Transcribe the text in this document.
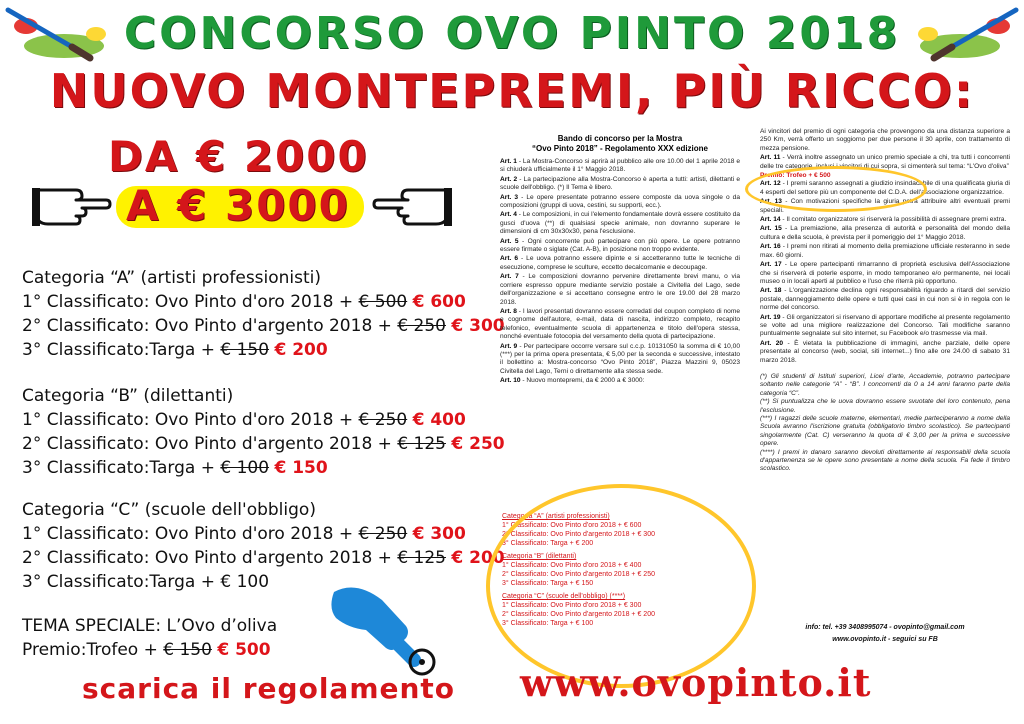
CONCORSO OVO PINTO 2018
NUOVO MONTEPREMI, PIÙ RICCO:
DA € 2000
A € 3000
Categoria “A” (artisti professionisti)
1° Classificato: Ovo Pinto d'oro 2018 + € 500 € 600
2° Classificato: Ovo Pinto d'argento 2018 + € 250 € 300
3° Classificato:Targa + € 150 € 200
Categoria “B” (dilettanti)
1° Classificato: Ovo Pinto d'oro 2018 + € 250 € 400
2° Classificato: Ovo Pinto d'argento 2018 + € 125 € 250
3° Classificato:Targa + € 100 € 150
Categoria “C” (scuole dell'obbligo)
1° Classificato: Ovo Pinto d'oro 2018 + € 250 € 300
2° Classificato: Ovo Pinto d'argento 2018 + € 125 € 200
3° Classificato:Targa + € 100
TEMA SPECIALE: L’Ovo d’oliva
Premio:Trofeo + € 150 € 500
Bando di concorso per la Mostra
“Ovo Pinto 2018” - Regolamento XXX edizione
Art. 1 - La Mostra-Concorso si aprirà al pubblico alle ore 10.00 del 1 aprile 2018 e si chiuderà ufficialmente il 1° Maggio 2018.
Art. 2 - La partecipazione alla Mostra-Concorso è aperta a tutti: artisti, dilettanti e scuole dell'obbligo. (*) Il Tema è libero.
Art. 3 - Le opere presentate potranno essere composte da uova singole o da composizioni (gruppi di uova, cestini, su supporti, ecc.).
Art. 4 - Le composizioni, in cui l'elemento fondamentale dovrà essere costituito da gusci d'uova (**) di qualsiasi specie animale, non dovranno superare le dimensioni di cm 30x30x30, pena l'esclusione.
Art. 5 - Ogni concorrente può partecipare con più opere. Le opere potranno essere firmate o siglate (Cat. A-B), in posizione non troppo evidente.
Art. 6 - Le uova potranno essere dipinte e si accetteranno tutte le tecniche di esecuzione, comprese le sculture, eccetto decalcomanie e decoupage.
Art. 7 - Le composizioni dovranno pervenire direttamente brevi manu, o via corriere espresso oppure mediante servizio postale a Civitella del Lago, sede dell'organizzazione e si accettano consegne entro le ore 19.00 del 28 marzo 2018.
Art. 8 - I lavori presentati dovranno essere corredati del coupon completo di nome e cognome dell'autore, e-mail, data di nascita, indirizzo completo, recapito telefonico, eventualmente scuola di appartenenza e titolo dell'opera stessa, nonché eventuale fotocopia del versamento della quota di partecipazione.
Art. 9 - Per partecipare occorre versare sul c.c.p. 10131050 la somma di € 10,00 (***) per la prima opera presentata, € 5,00 per la seconda e successive, intestato il bollettino a: Mostra-concorso “Ovo Pinto 2018”, Piazza Mazzini 9, 05023 Civitella del Lago, Terni o direttamente alla stessa sede.
Art. 10 - Nuovo montepremi, da € 2000 a € 3000:
Ai vincitori del premio di ogni categoria che provengono da una distanza superiore a 250 Km, verrà offerto un soggiorno per due persone il 30 aprile, con trattamento di mezza pensione.
Art. 11 - Verrà inoltre assegnato un unico premio speciale a chi, tra tutti i concorrenti delle tre categorie, inclusi i vincitori di cui sopra, si cimenterà sul tema: “L'Ovo d'oliva”
Premio: Trofeo + € 500
Art. 12 - I premi saranno assegnati a giudizio insindacabile di una qualificata giuria di 4 esperti del settore più un componente del C.D.A. dell'associazione organizzatrice.
Art. 13 - Con motivazioni specifiche la giuria potrà attribuire altri eventuali premi speciali.
Art. 14 - Il comitato organizzatore si riserverà la possibilità di assegnare premi extra.
Art. 15 - La premiazione, alla presenza di autorità e personalità del mondo della cultura e della scuola, è prevista per il pomeriggio del 1° Maggio 2018.
Art. 16 - I premi non ritirati al momento della premiazione ufficiale resteranno in sede max. 60 giorni.
Art. 17 - Le opere partecipanti rimarranno di proprietà esclusiva dell'Associazione che si riserverà di poterle esporre, in modo temporaneo e/o permanente, nei locali museo o in locali aperti al pubblico e l'uso che riterrà più opportuno.
Art. 18 - L'organizzazione declina ogni responsabilità riguardo a ritardi del servizio postale, danneggiamento delle opere e tutti quei casi in cui non si è in regola con le norme del concorso.
Art. 19 - Gli organizzatori si riservano di apportare modifiche al presente regolamento se volte ad una migliore realizzazione del Concorso. Tali modifiche saranno puntualmente segnalate sul sito internet, su Facebook e/o trasmesse via mail.
Art. 20 - È vietata la pubblicazione di immagini, anche parziale, delle opere presentate al concorso (web, social, siti internet...) fino alle ore 24.00 di sabato 31 marzo 2018.
(*) Gli studenti di Istituti superiori, Licei d'arte, Accademie, potranno partecipare soltanto nelle categorie “A” - “B”. I concorrenti da 0 a 14 anni faranno parte della categoria “C”.
(**) Si puntualizza che le uova dovranno essere svuotate del loro contenuto, pena l'esclusione.
(***) I ragazzi delle scuole materne, elementari, medie parteciperanno a nome della Scuola avranno l'iscrizione gratuita (obbligatorio timbro scolastico). Se partecipanti singolarmente (Cat. C) verseranno la quota di € 3,00 per la prima e successive opere.
(****) I premi in danaro saranno devoluti direttamente ai responsabili della scuola d'appartenenza se le opere sono presentate a nome della scuola. Fa fede il timbro scolastico.
Categoria “A” (artisti professionisti)
1° Classificato: Ovo Pinto d'oro 2018 + € 600
2° Classificato: Ovo Pinto d'argento 2018 + € 300
3° Classificato: Targa + € 200
Categoria “B” (dilettanti)
1° Classificato: Ovo Pinto d'oro 2018 + € 400
2° Classificato: Ovo Pinto d'argento 2018 + € 250
3° Classificato: Targa + € 150
Categoria “C” (scuole dell'obbligo) (****)
1° Classificato: Ovo Pinto d'oro 2018 + € 300
2° Classificato: Ovo Pinto d'argento 2018 + € 200
3° Classificato: Targa + € 100
info: tel. +39 3408995074 - ovopinto@gmail.com
www.ovopinto.it - seguici su FB
scarica il regolamento www.ovopinto.it
